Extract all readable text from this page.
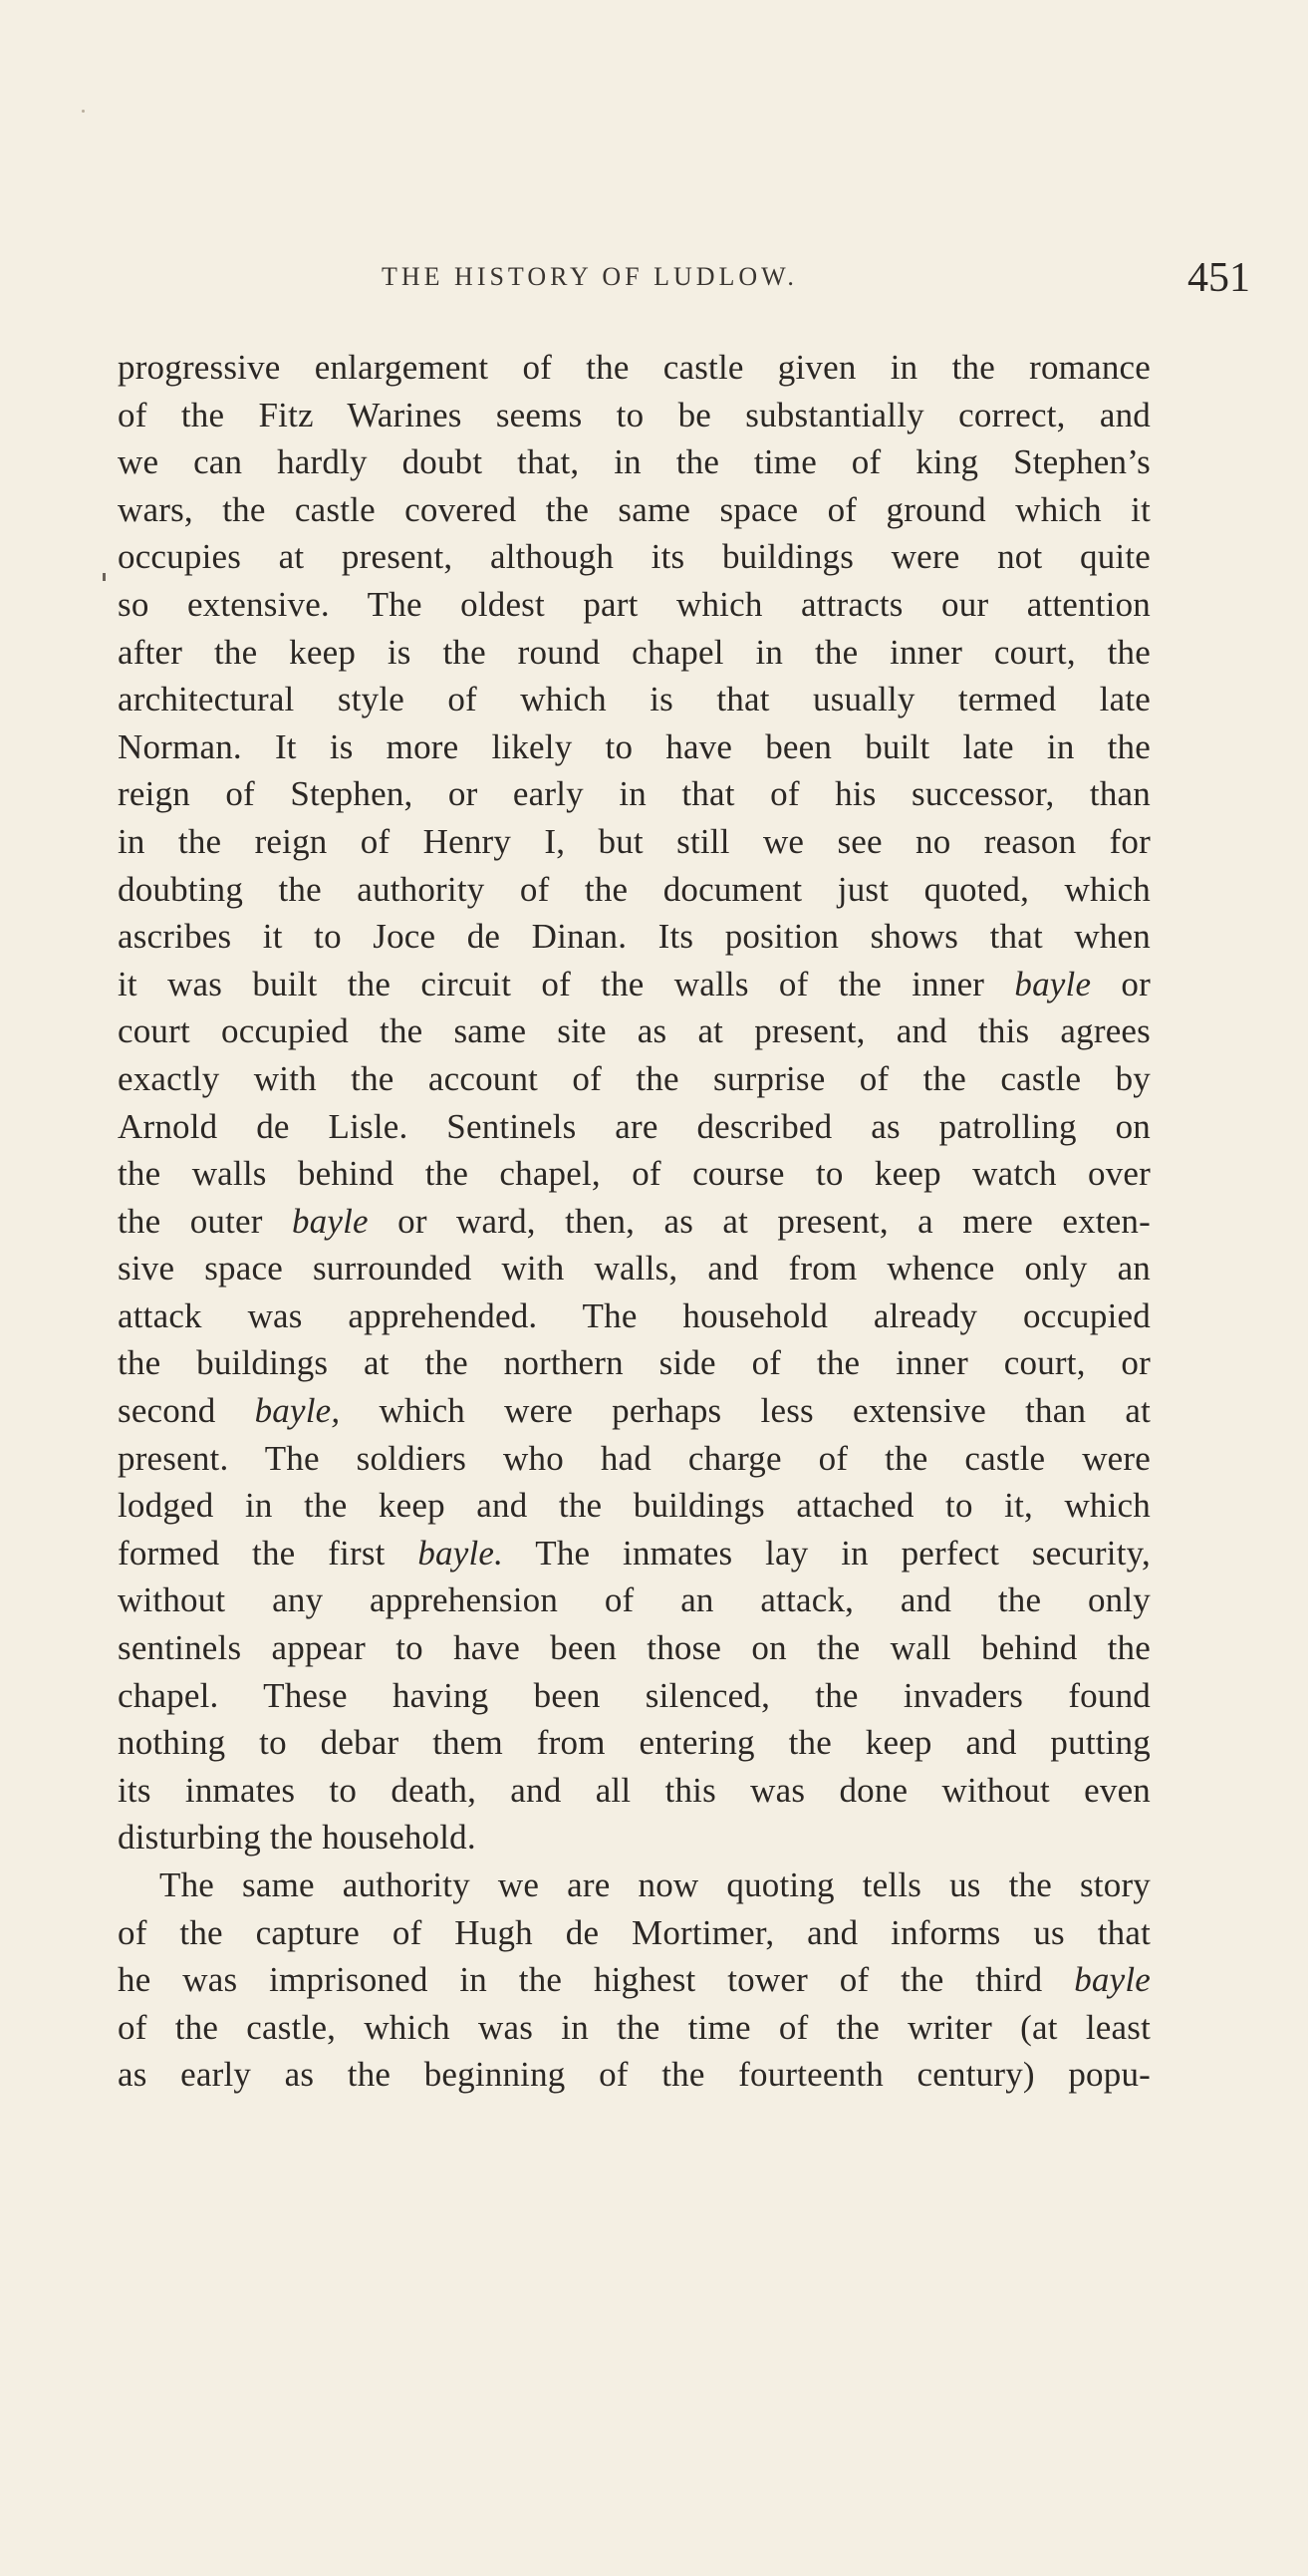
THE HISTORY OF LUDLOW.	451
progressive enlargement of the castle given in the romance
of the Fitz Warines seems to be substantially correct, and
we can hardly doubt that, in the time of king Stephen’s
wars, the castle covered the same space of ground which it
occupies at present, although its buildings were not quite
so extensive. The oldest part which attracts our attention
after the keep is the round chapel in the inner court, the
architectural style of which is that usually termed late
Norman. It is more likely to have been built late in the
reign of Stephen, or early in that of his successor, than
in the reign of Henry I, but still we see no reason for
doubting the authority of the document just quoted, which
ascribes it to Joce de Dinan. Its position shows that when
it was built the circuit of the walls of the inner bayle or
court occupied the same site as at present, and this agrees
exactly with the account of the surprise of the castle by
Arnold de Lisle. Sentinels are described as patrolling on
the walls behind the chapel, of course to keep watch over
the outer bayle or ward, then, as at present, a mere exten-
sive space surrounded with walls, and from whence only an
attack was apprehended. The household already occupied
the buildings at the northern side of the inner court, or
second bayle, which were perhaps less extensive than at
present. The soldiers who had charge of the castle were
lodged in the keep and the buildings attached to it, which
formed the first bayle. The inmates lay in perfect security,
without any apprehension of an attack, and the only
sentinels appear to have been those on the wall behind the
chapel. These having been silenced, the invaders found
nothing to debar them from entering the keep and putting
its inmates to death, and all this was done without even
disturbing the household.
The same authority we are now quoting tells us the story
of the capture of Hugh de Mortimer, and informs us that
he was imprisoned in the highest tower of the third bayle
of the castle, which was in the time of the writer (at least
as early as the beginning of the fourteenth century) popu-
